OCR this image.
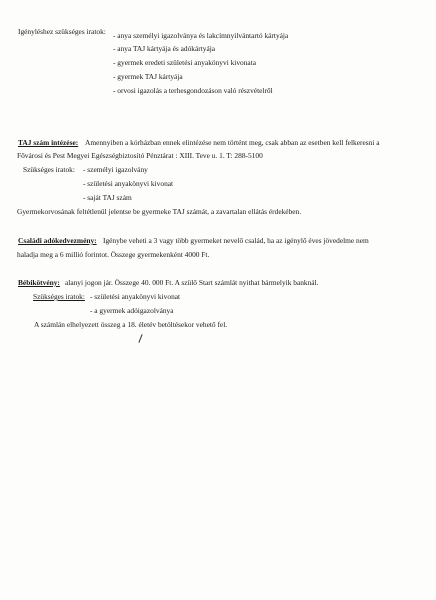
Igényléshez szükséges iratok: - anya személyi igazolványa és lakcímnyilvántartó kártyája
- anya TAJ kártyája és adókártyája
- gyermek eredeti születési anyakönyvi kivonata
- gyermek TAJ kártyája
- orvosi igazolás a terhesgondozáson való részvételről
TAJ szám intézése: Amennyiben a kórházban ennek elintézése nem történt meg, csak abban az esetben kell felkeresni a
Fővárosi és Pest Megyei Egészségbiztosító Pénztárat : XIII. Teve u. 1. T: 288-5100
Szükséges iratok: - személyi igazolvány
- születési anyakönyvi kivonat
- saját TAJ szám
Gyermekorvosának feltétlenül jelentse be gyermeke TAJ számát, a zavartalan ellátás érdekében.
Családi adókedvezmény: Igénybe veheti a 3 vagy több gyermeket nevelő család, ha az igénylő éves jövedelme nem
haladja meg a 6 millió forintot. Összege gyermekenként 4000 Ft.
Bébikötvény: alanyi jogon jár. Összege 40. 000 Ft. A szülő Start számlát nyithat bármelyik banknál.
Szükséges iratok: - születési anyakönyvi kivonat
- a gyermek adóigazolványa
A számlán elhelyezett összeg a 18. életév betöltésekor vehető fel.
